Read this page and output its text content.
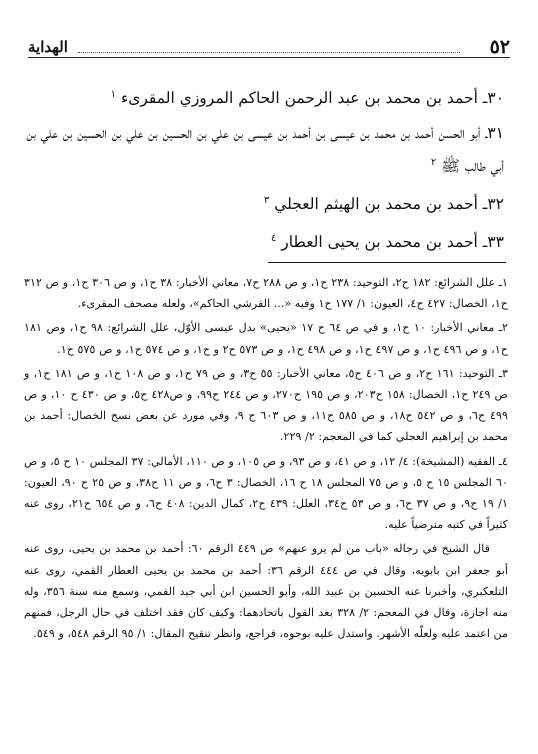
٥٢
الهداية

٣٠ـ أحمد بن محمد بن عبد الرحمن الحاكم المروزي المقرىء $^١$

٣١ـ أبو الحسن أحمد بن محمد بن عيسى بن أحمد بن عيسى بن علي بن الحسين بن علي بن الحسين بن علي بن أبي طالب ﷺ $^٢$

٣٢ـ أحمد بن محمد بن الهيثم العجلي $^٣$

٣٣ـ أحمد بن محمد بن يحيى العطار $^٤$

١ـ علل الشرائع: ١٨٢ ح٢، التوحيد: ٢٣٨ ح١، و ص ٢٨٨ ح٧، معاني الأخبار: ٣٨ ح١، و ص ٣٠٦ ح١، و ص ٣١٢ ح١، الخصال: ٤٢٧ ح٤، العيون: ١/ ١٧٧ ح١ وفيه «... القرشي الحاكم»، ولعله مصحف المقرىء.

٢ـ معاني الأخبار: ١٠ ح١، و في ص ٦٤ ح ١٧ «يحيى» بدل عيسى الأوّل، علل الشرائع: ٩٨ ح١، وص ١٨١ ح١، و ص ٤٩٦ ح١، و ص ٤٩٧ ح١، و ص ٤٩٨ ح١، و ص ٥٧٣ ح٢ و ح١، و ص ٥٧٤ ح١، و ص ٥٧٥ ح١.

٣ـ التوحيد: ١٦١ ح٢، و ص ٤٠٦ ح٥، معاني الأخبار: ٥٥ ح٣، و ص ٧٩ ح١، و ص ١٠٨ ح١، و ص ١٨١ ح١، و ص ٢٤٩ ح١، الخصال: ١٥٨ ح٢٠٣، و ص ١٩٥ ح٢٧٠، و ص ٢٤٤ ح٩٩، و ص٤٢٨ ح٥، و ص ٤٣٠ ح ١٠، و ص ٤٩٩ ح٦، و ص ٥٤٢ ح١٨، و ص ٥٨٥ ح١١، و ص ٦٠٣ ح ٩، وفي مورد عن بعض نسخ الخصال: أحمد بن محمد بن إبراهيم العجلي كما في المعجم: ٢/ ٢٢٩.

٤ـ الفقيه (المشيخة): ٤/ ١٢، و ص ٤١، و ص ٩٣، و ص ١٠٥، و ص ١١٠، الأمالي: ٣٧ المجلس ١٠ ح ٥، و ص ٦٠ المجلس ١٥ ح ٥، و ص ٧٥ المجلس ١٨ ح ١٦، الخصال: ٣ ح٦، و ص ١١ ح٣٨، و ص ٢٥ ح ٩٠، العيون: ١/ ١٩ ح٩، و ص ٣٧ ح٦، و ص ٥٣ ح٣٤، العلل: ٤٣٩ ح٢، كمال الدين: ٤٠٨ ح٦، و ص ٦٥٤ ح٢١، روى عنه كثيراً في كتبه مترضياً عليه.

قال الشيخ في رجاله «باب من لم يرو عنهم» ص ٤٤٩ الرقم ٦٠: أحمد بن محمد بن يحيى، روى عنه أبو جعفر ابن بابويه، وقال في ص ٤٤٤ الرقم ٣٦: أحمد بن محمد بن يحيى العطار القمي، روى عنه التلعكبري، وأخبرنا عنه الحسين بن عبيد الله، وأبو الحسين ابن أبي جيد القمي، وسمع منه سنة ٣٥٦، وله منه اجازة، وقال في المعجم: ٢/ ٣٢٨ بعد القول باتحادهما: وكيف كان فقد اختلف في حال الرجل، فمنهم من اعتمد عليه ولعلّه الأشهر. واستدل عليه بوجوه، فراجع، وانظر تنقيح المقال: ١/ ٩٥ الرقم ٥٤٨، و ٥٤٩.
